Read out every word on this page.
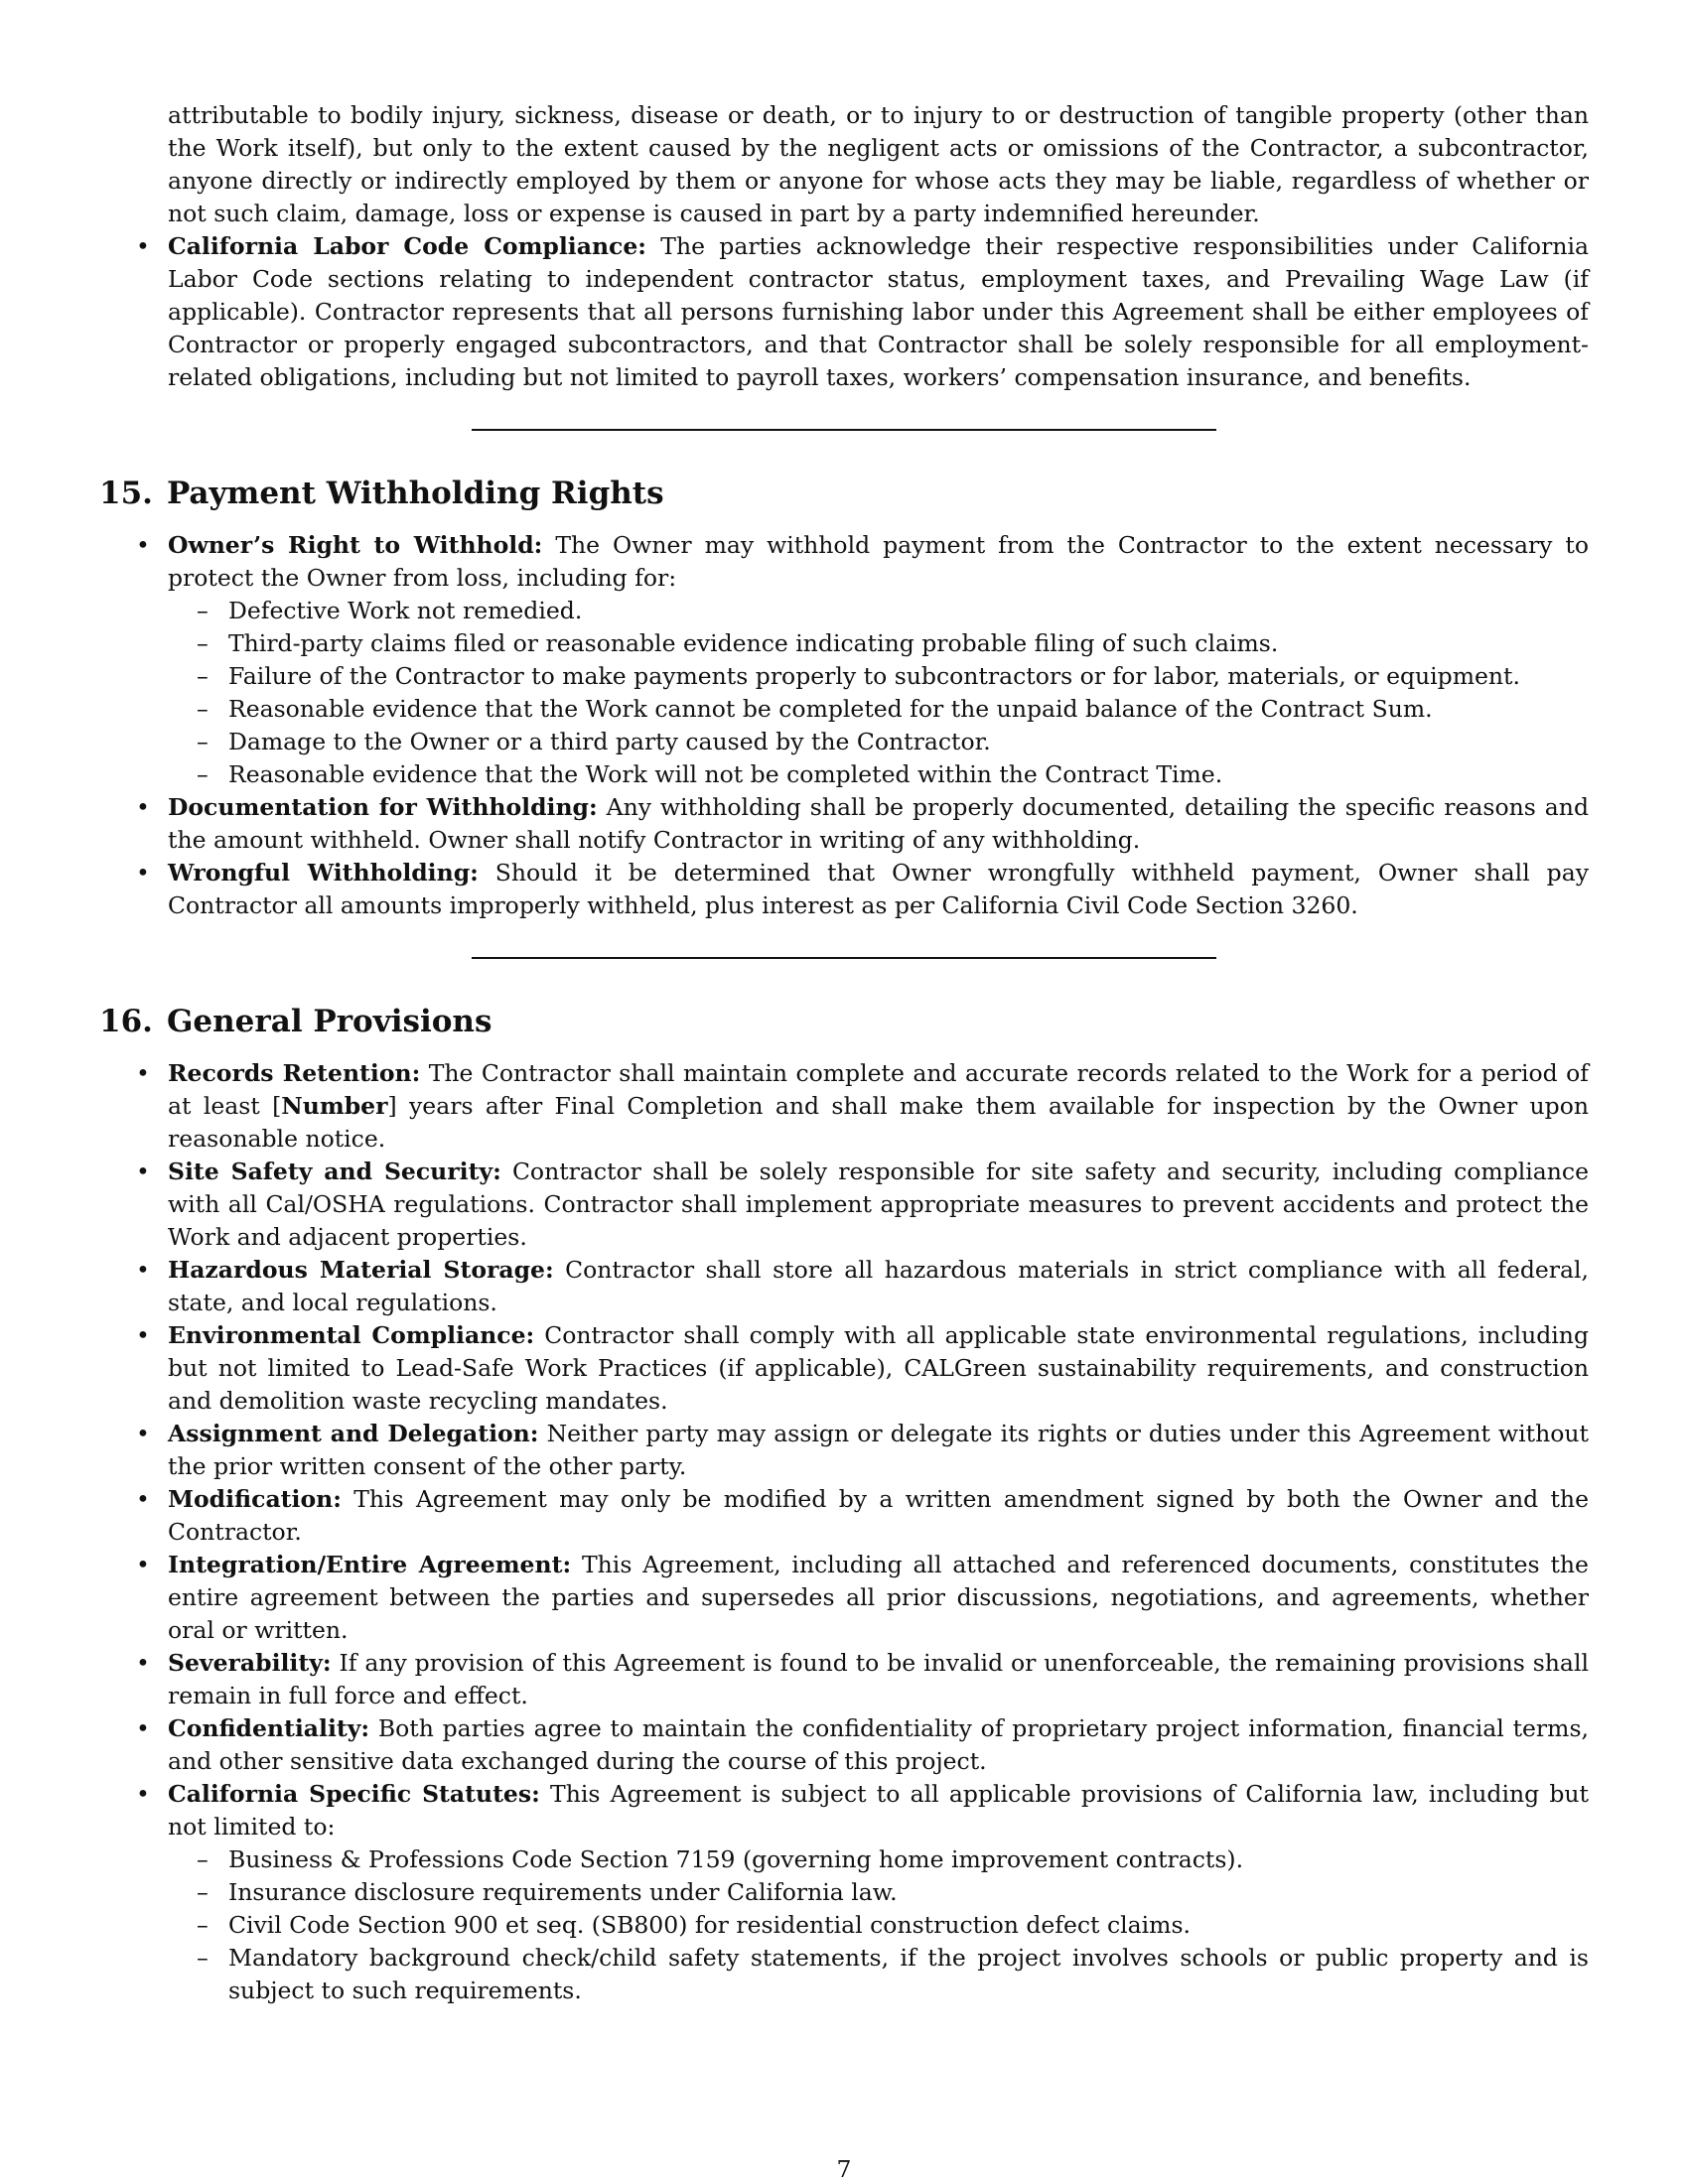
attributable to bodily injury, sickness, disease or death, or to injury to or destruction of tangible property (other than the Work itself), but only to the extent caused by the negligent acts or omissions of the Contractor, a subcontractor, anyone directly or indirectly employed by them or anyone for whose acts they may be liable, regardless of whether or not such claim, damage, loss or expense is caused in part by a party indemnified hereunder.
• California Labor Code Compliance: The parties acknowledge their respective responsibilities under California Labor Code sections relating to independent contractor status, employment taxes, and Prevailing Wage Law (if applicable). Contractor represents that all persons furnishing labor under this Agreement shall be either employees of Contractor or properly engaged subcontractors, and that Contractor shall be solely responsible for all employment-related obligations, including but not limited to payroll taxes, workers’ compensation insurance, and benefits.
15. Payment Withholding Rights
• Owner’s Right to Withhold: The Owner may withhold payment from the Contractor to the extent necessary to protect the Owner from loss, including for:
– Defective Work not remedied.
– Third-party claims filed or reasonable evidence indicating probable filing of such claims.
– Failure of the Contractor to make payments properly to subcontractors or for labor, materials, or equipment.
– Reasonable evidence that the Work cannot be completed for the unpaid balance of the Contract Sum.
– Damage to the Owner or a third party caused by the Contractor.
– Reasonable evidence that the Work will not be completed within the Contract Time.
• Documentation for Withholding: Any withholding shall be properly documented, detailing the specific reasons and the amount withheld. Owner shall notify Contractor in writing of any withholding.
• Wrongful Withholding: Should it be determined that Owner wrongfully withheld payment, Owner shall pay Contractor all amounts improperly withheld, plus interest as per California Civil Code Section 3260.
16. General Provisions
• Records Retention: The Contractor shall maintain complete and accurate records related to the Work for a period of at least [Number] years after Final Completion and shall make them available for inspection by the Owner upon reasonable notice.
• Site Safety and Security: Contractor shall be solely responsible for site safety and security, including compliance with all Cal/OSHA regulations. Contractor shall implement appropriate measures to prevent accidents and protect the Work and adjacent properties.
• Hazardous Material Storage: Contractor shall store all hazardous materials in strict compliance with all federal, state, and local regulations.
• Environmental Compliance: Contractor shall comply with all applicable state environmental regulations, including but not limited to Lead-Safe Work Practices (if applicable), CALGreen sustainability requirements, and construction and demolition waste recycling mandates.
• Assignment and Delegation: Neither party may assign or delegate its rights or duties under this Agreement without the prior written consent of the other party.
• Modification: This Agreement may only be modified by a written amendment signed by both the Owner and the Contractor.
• Integration/Entire Agreement: This Agreement, including all attached and referenced documents, constitutes the entire agreement between the parties and supersedes all prior discussions, negotiations, and agreements, whether oral or written.
• Severability: If any provision of this Agreement is found to be invalid or unenforceable, the remaining provisions shall remain in full force and effect.
• Confidentiality: Both parties agree to maintain the confidentiality of proprietary project information, financial terms, and other sensitive data exchanged during the course of this project.
• California Specific Statutes: This Agreement is subject to all applicable provisions of California law, including but not limited to:
– Business & Professions Code Section 7159 (governing home improvement contracts).
– Insurance disclosure requirements under California law.
– Civil Code Section 900 et seq. (SB800) for residential construction defect claims.
– Mandatory background check/child safety statements, if the project involves schools or public property and is subject to such requirements.
7
